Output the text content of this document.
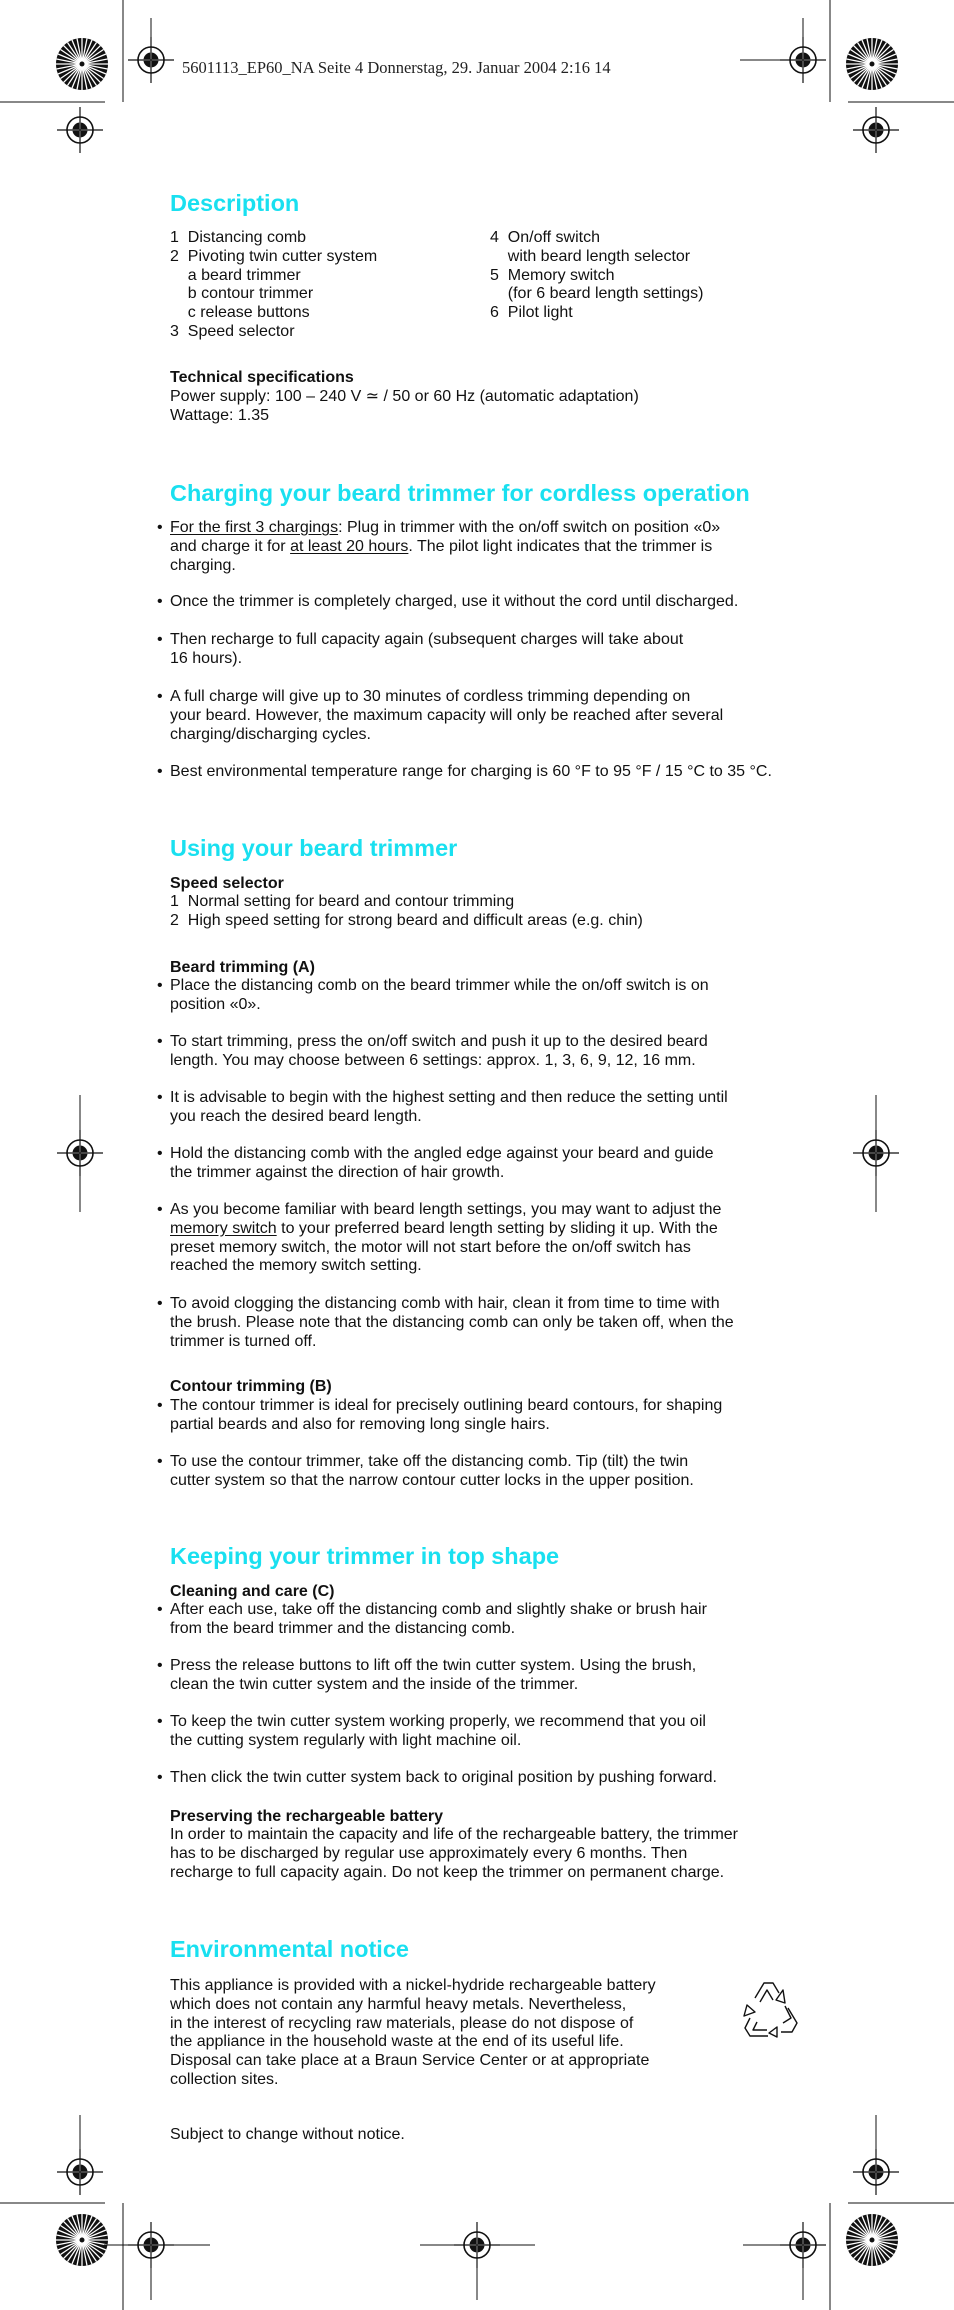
5601113_EP60_NA Seite 4 Donnerstag, 29. Januar 2004 2:16 14
Description
1  Distancing comb
2  Pivoting twin cutter system
a beard trimmer
b contour trimmer
c release buttons
3  Speed selector
4  On/off switch
with beard length selector
5  Memory switch
(for 6 beard length settings)
6  Pilot light
Technical specifications
Power supply: 100 – 240 V ≃ / 50 or 60 Hz (automatic adaptation)
Wattage: 1.35
Charging your beard trimmer for cordless operation
• For the first 3 chargings: Plug in trimmer with the on/off switch on position «0»
and charge it for at least 20 hours. The pilot light indicates that the trimmer is
charging.
• Once the trimmer is completely charged, use it without the cord until discharged.
• Then recharge to full capacity again (subsequent charges will take about
16 hours).
• A full charge will give up to 30 minutes of cordless trimming depending on
your beard. However, the maximum capacity will only be reached after several
charging/discharging cycles.
• Best environmental temperature range for charging is 60 °F to 95 °F / 15 °C to 35 °C.
Using your beard trimmer
Speed selector
1  Normal setting for beard and contour trimming
2  High speed setting for strong beard and difficult areas (e.g. chin)
Beard trimming (A)
• Place the distancing comb on the beard trimmer while the on/off switch is on
position «0».
• To start trimming, press the on/off switch and push it up to the desired beard
length. You may choose between 6 settings: approx. 1, 3, 6, 9, 12, 16 mm.
• It is advisable to begin with the highest setting and then reduce the setting until
you reach the desired beard length.
• Hold the distancing comb with the angled edge against your beard and guide
the trimmer against the direction of hair growth.
• As you become familiar with beard length settings, you may want to adjust the
memory switch to your preferred beard length setting by sliding it up. With the
preset memory switch, the motor will not start before the on/off switch has
reached the memory switch setting.
• To avoid clogging the distancing comb with hair, clean it from time to time with
the brush. Please note that the distancing comb can only be taken off, when the
trimmer is turned off.
Contour trimming (B)
• The contour trimmer is ideal for precisely outlining beard contours, for shaping
partial beards and also for removing long single hairs.
• To use the contour trimmer, take off the distancing comb. Tip (tilt) the twin
cutter system so that the narrow contour cutter locks in the upper position.
Keeping your trimmer in top shape
Cleaning and care (C)
• After each use, take off the distancing comb and slightly shake or brush hair
from the beard trimmer and the distancing comb.
• Press the release buttons to lift off the twin cutter system. Using the brush,
clean the twin cutter system and the inside of the trimmer.
• To keep the twin cutter system working properly, we recommend that you oil
the cutting system regularly with light machine oil.
• Then click the twin cutter system back to original position by pushing forward.
Preserving the rechargeable battery
In order to maintain the capacity and life of the rechargeable battery, the trimmer
has to be discharged by regular use approximately every 6 months. Then
recharge to full capacity again. Do not keep the trimmer on permanent charge.
Environmental notice
This appliance is provided with a nickel-hydride rechargeable battery
which does not contain any harmful heavy metals. Nevertheless,
in the interest of recycling raw materials, please do not dispose of
the appliance in the household waste at the end of its useful life.
Disposal can take place at a Braun Service Center or at appropriate
collection sites.
Subject to change without notice.
